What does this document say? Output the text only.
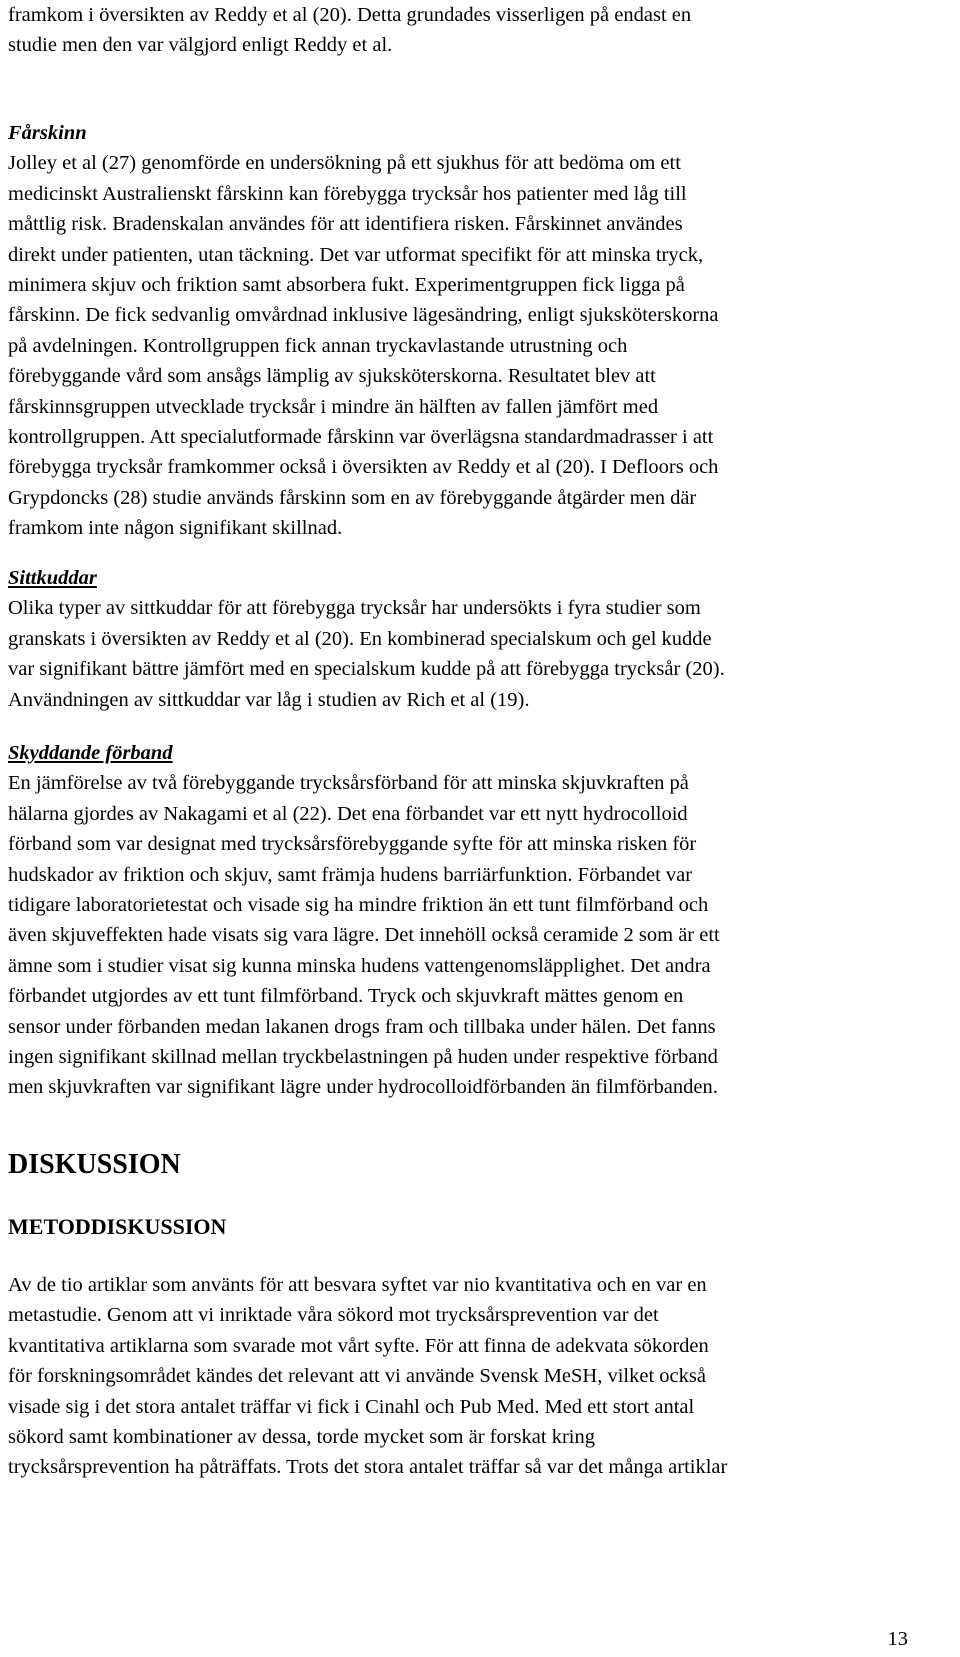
framkom i översikten av Reddy et al (20). Detta grundades visserligen på endast en
studie men den var välgjord enligt Reddy et al.
Fårskinn
Jolley et al (27) genomförde en undersökning på ett sjukhus för att bedöma om ett
medicinskt Australienskt fårskinn kan förebygga trycksår hos patienter med låg till
måttlig risk. Bradenskalan användes för att identifiera risken. Fårskinnet användes
direkt under patienten, utan täckning. Det var utformat specifikt för att minska tryck,
minimera skjuv och friktion samt absorbera fukt. Experimentgruppen fick ligga på
fårskinn. De fick sedvanlig omvårdnad inklusive lägesändring, enligt sjuksköterskorna
på avdelningen. Kontrollgruppen fick annan tryckavlastande utrustning och
förebyggande vård som ansågs lämplig av sjuksköterskorna. Resultatet blev att
fårskinnsgruppen utvecklade trycksår i mindre än hälften av fallen jämfört med
kontrollgruppen. Att specialutformade fårskinn var överlägsna standardmadrasser i att
förebygga trycksår framkommer också i översikten av Reddy et al (20). I Defloors och
Grypdoncks (28) studie används fårskinn som en av förebyggande åtgärder men där
framkom inte någon signifikant skillnad.
Sittkuddar
Olika typer av sittkuddar för att förebygga trycksår har undersökts i fyra studier som
granskats i översikten av Reddy et al (20). En kombinerad specialskum och gel kudde
var signifikant bättre jämfört med en specialskum kudde på att förebygga trycksår (20).
Användningen av sittkuddar var låg i studien av Rich et al (19).
Skyddande förband
En jämförelse av två förebyggande trycksårsförband för att minska skjuvkraften på
hälarna gjordes av Nakagami et al (22). Det ena förbandet var ett nytt hydrocolloid
förband som var designat med trycksårsförebyggande syfte för att minska risken för
hudskador av friktion och skjuv, samt främja hudens barriärfunktion. Förbandet var
tidigare laboratorietestat och visade sig ha mindre friktion än ett tunt filmförband och
även skjuveffekten hade visats sig vara lägre. Det innehöll också ceramide 2 som är ett
ämne som i studier visat sig kunna minska hudens vattengenomsläpplighet. Det andra
förbandet utgjordes av ett tunt filmförband. Tryck och skjuvkraft mättes genom en
sensor under förbanden medan lakanen drogs fram och tillbaka under hälen. Det fanns
ingen signifikant skillnad mellan tryckbelastningen på huden under respektive förband
men skjuvkraften var signifikant lägre under hydrocolloidförbanden än filmförbanden.
DISKUSSION
METODDISKUSSION
Av de tio artiklar som använts för att besvara syftet var nio kvantitativa och en var en
metastudie. Genom att vi inriktade våra sökord mot trycksårsprevention var det
kvantitativa artiklarna som svarade mot vårt syfte. För att finna de adekvata sökorden
för forskningsområdet kändes det relevant att vi använde Svensk MeSH, vilket också
visade sig i det stora antalet träffar vi fick i Cinahl och Pub Med. Med ett stort antal
sökord samt kombinationer av dessa, torde mycket som är forskat kring
trycksårsprevention ha påträffats. Trots det stora antalet träffar så var det många artiklar
13
